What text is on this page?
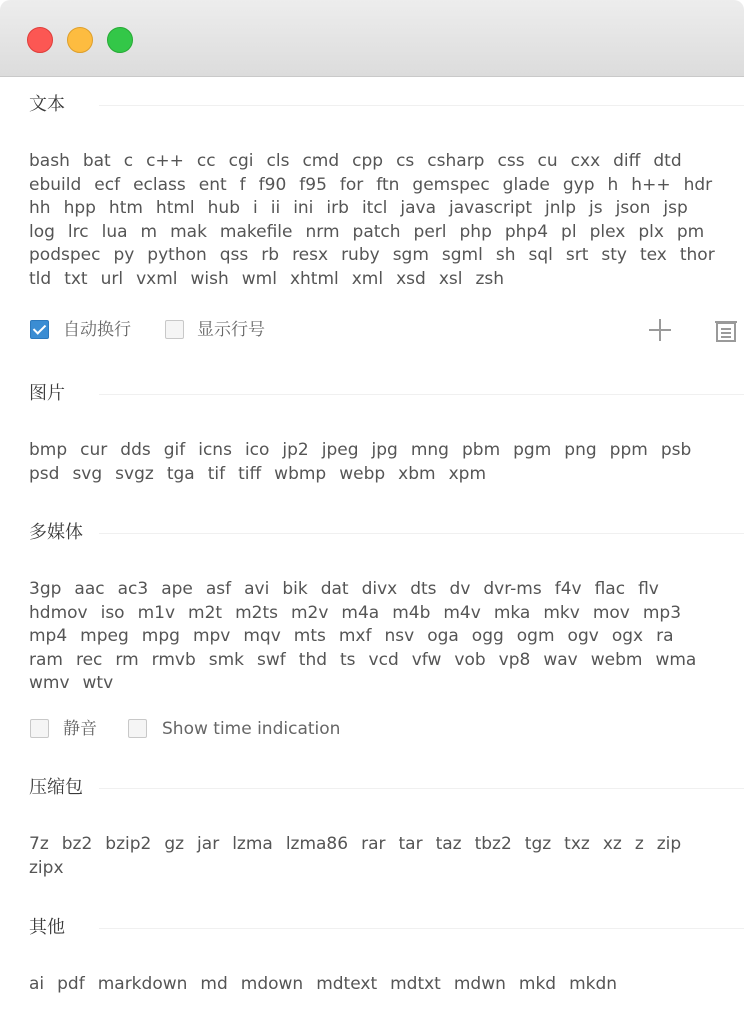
文本
bash bat c c++ cc cgi cls cmd cpp cs csharp css cu cxx diff dtd
ebuild ecf eclass ent f f90 f95 for ftn gemspec glade gyp h h++ hdr
hh hpp htm html hub i ii ini irb itcl java javascript jnlp js json jsp
log lrc lua m mak makefile nrm patch perl php php4 pl plex plx pm
podspec py python qss rb resx ruby sgm sgml sh sql srt sty tex thor
tld txt url vxml wish wml xhtml xml xsd xsl zsh
自动换行	显示行号
图片
bmp cur dds gif icns ico jp2 jpeg jpg mng pbm pgm png ppm psb
psd svg svgz tga tif tiff wbmp webp xbm xpm
多媒体
3gp aac ac3 ape asf avi bik dat divx dts dv dvr-ms f4v flac flv
hdmov iso m1v m2t m2ts m2v m4a m4b m4v mka mkv mov mp3
mp4 mpeg mpg mpv mqv mts mxf nsv oga ogg ogm ogv ogx ra
ram rec rm rmvb smk swf thd ts vcd vfw vob vp8 wav webm wma
wmv wtv
静音	Show time indication
压缩包
7z bz2 bzip2 gz jar lzma lzma86 rar tar taz tbz2 tgz txz xz z zip
zipx
其他
ai pdf markdown md mdown mdtext mdtxt mdwn mkd mkdn
